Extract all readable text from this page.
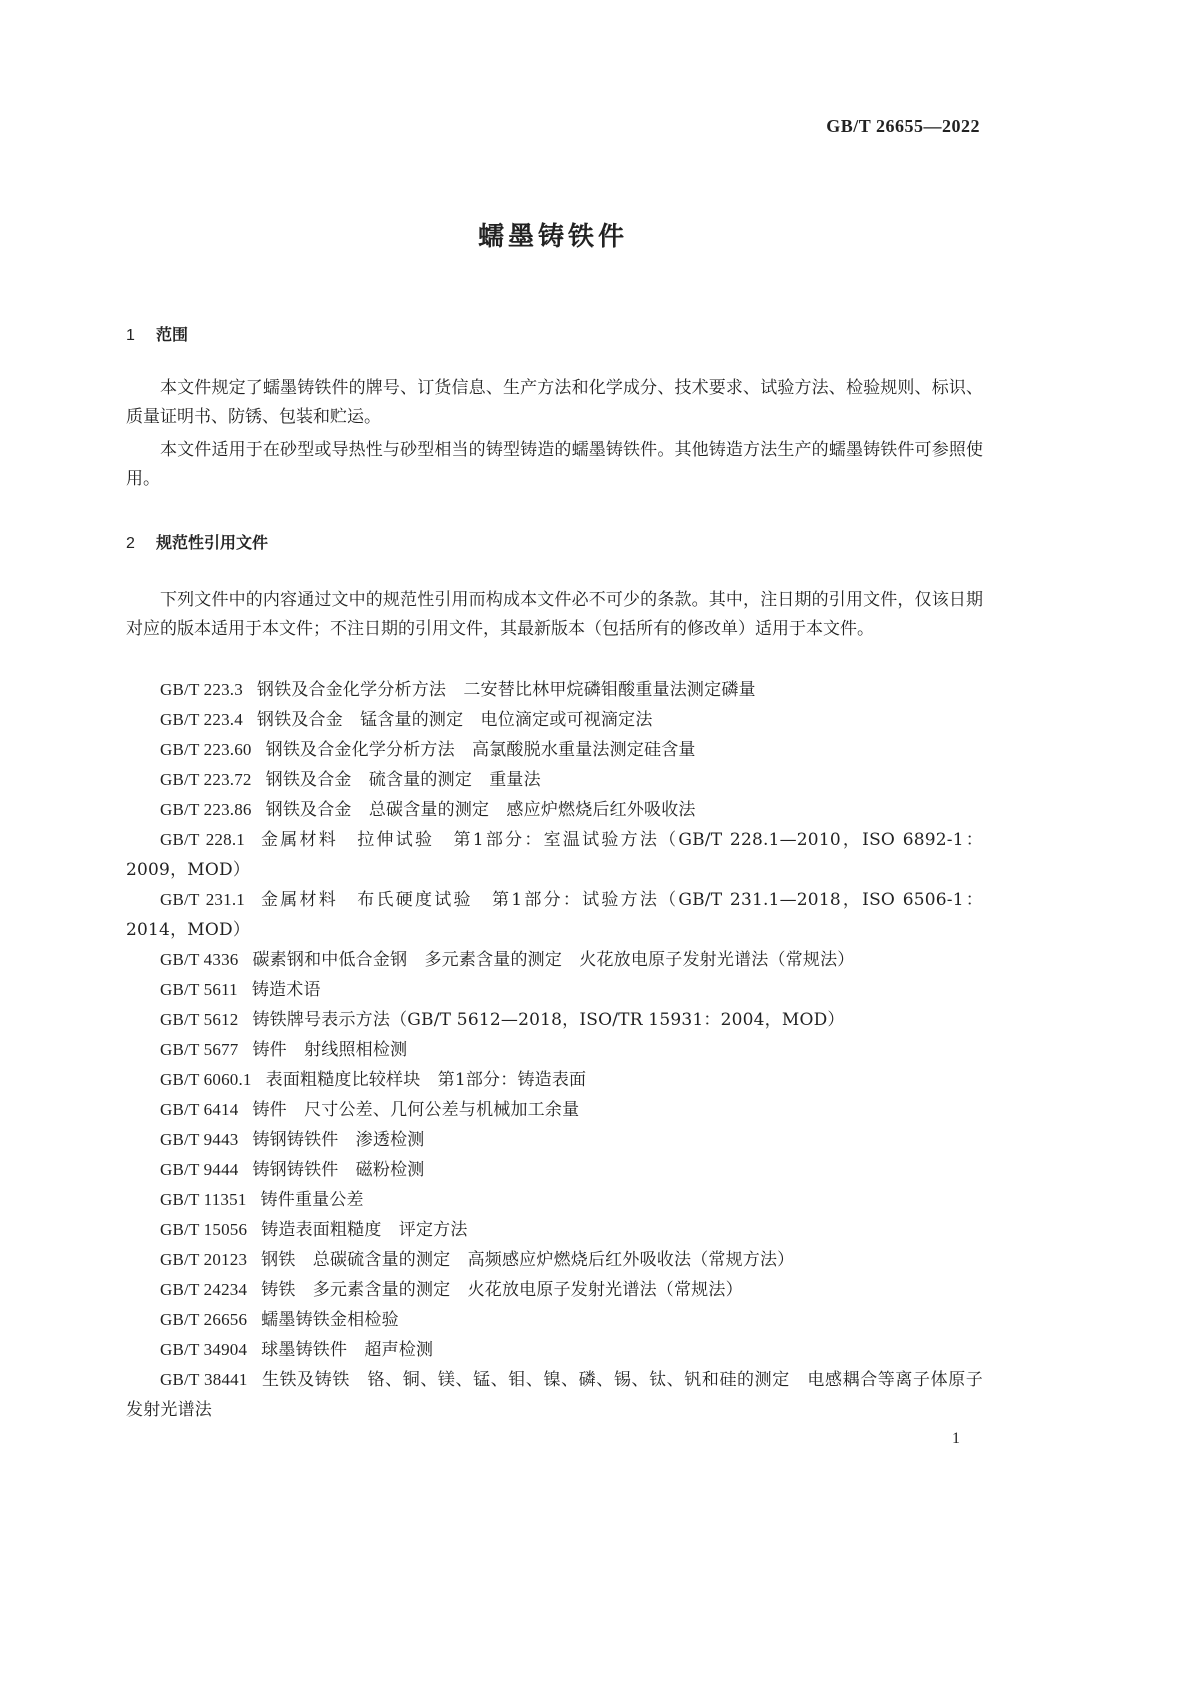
GB/T 26655—2022
蠕墨铸铁件
1 范围

本文件规定了蠕墨铸铁件的牌号、订货信息、生产方法和化学成分、技术要求、试验方法、检验规则、标识、质量证明书、防锈、包装和贮运。

本文件适用于在砂型或导热性与砂型相当的铸型铸造的蠕墨铸铁件。其他铸造方法生产的蠕墨铸铁件可参照使用。

2 规范性引用文件

下列文件中的内容通过文中的规范性引用而构成本文件必不可少的条款。其中，注日期的引用文件，仅该日期对应的版本适用于本文件；不注日期的引用文件，其最新版本（包括所有的修改单）适用于本文件。

GB/T 223.3 钢铁及合金化学分析方法　二安替比林甲烷磷钼酸重量法测定磷量

GB/T 223.4 钢铁及合金　锰含量的测定　电位滴定或可视滴定法

GB/T 223.60 钢铁及合金化学分析方法　高氯酸脱水重量法测定硅含量

GB/T 223.72 钢铁及合金　硫含量的测定　重量法

GB/T 223.86 钢铁及合金　总碳含量的测定　感应炉燃烧后红外吸收法

GB/T 228.1 金属材料　拉伸试验　第1部分：室温试验方法（GB/T 228.1—2010，ISO 6892-1：2009，MOD）

GB/T 231.1 金属材料　布氏硬度试验　第1部分：试验方法（GB/T 231.1—2018，ISO 6506-1：2014，MOD）

GB/T 4336 碳素钢和中低合金钢　多元素含量的测定　火花放电原子发射光谱法（常规法）

GB/T 5611 铸造术语

GB/T 5612 铸铁牌号表示方法（GB/T 5612—2018，ISO/TR 15931：2004，MOD）

GB/T 5677 铸件　射线照相检测

GB/T 6060.1 表面粗糙度比较样块　第1部分：铸造表面

GB/T 6414 铸件　尺寸公差、几何公差与机械加工余量

GB/T 9443 铸钢铸铁件　渗透检测

GB/T 9444 铸钢铸铁件　磁粉检测

GB/T 11351 铸件重量公差

GB/T 15056 铸造表面粗糙度　评定方法

GB/T 20123 钢铁　总碳硫含量的测定　高频感应炉燃烧后红外吸收法（常规方法）

GB/T 24234 铸铁　多元素含量的测定　火花放电原子发射光谱法（常规法）

GB/T 26656 蠕墨铸铁金相检验

GB/T 34904 球墨铸铁件　超声检测

GB/T 38441 生铁及铸铁　铬、铜、镁、锰、钼、镍、磷、锡、钛、钒和硅的测定　电感耦合等离子体原子发射光谱法

1
